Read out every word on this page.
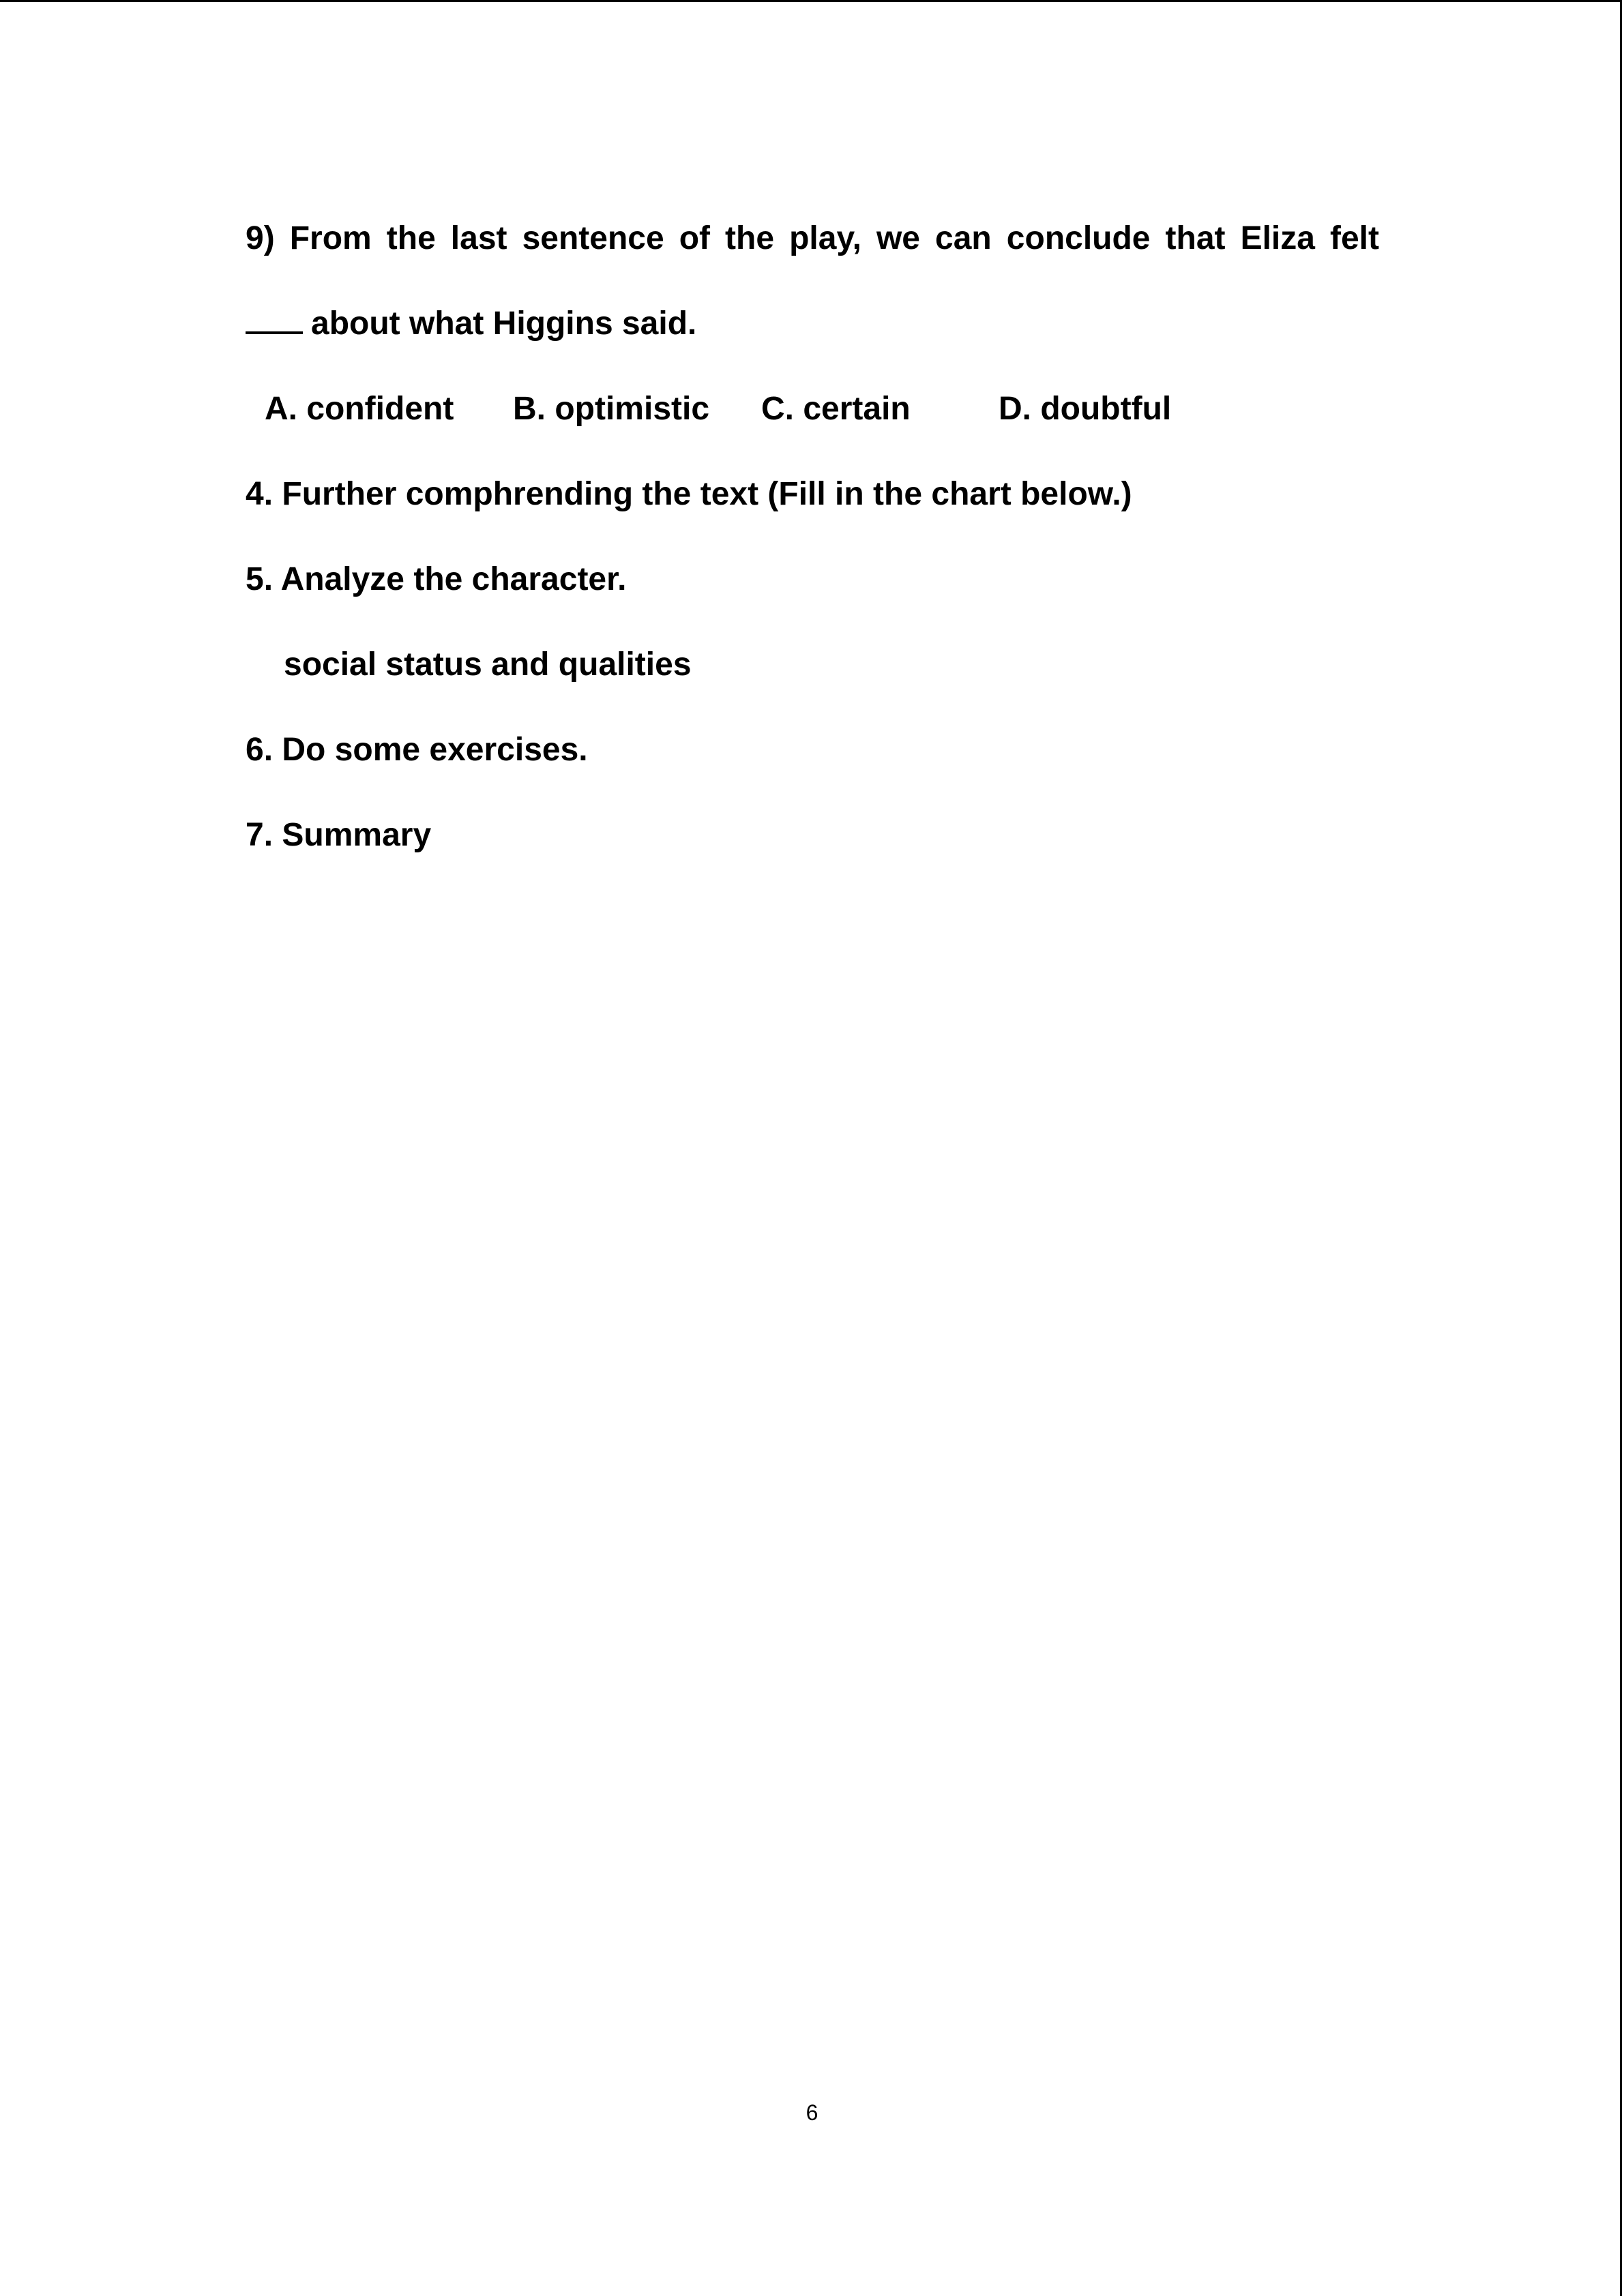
9) From the last sentence of the play, we can conclude that Eliza felt
about what Higgins said.
A. confident B. optimistic C. certain	D. doubtful
4. Further comphrending the text (Fill in the chart below.)
5. Analyze the character.
social status and qualities
6. Do some exercises.
7. Summary
6
